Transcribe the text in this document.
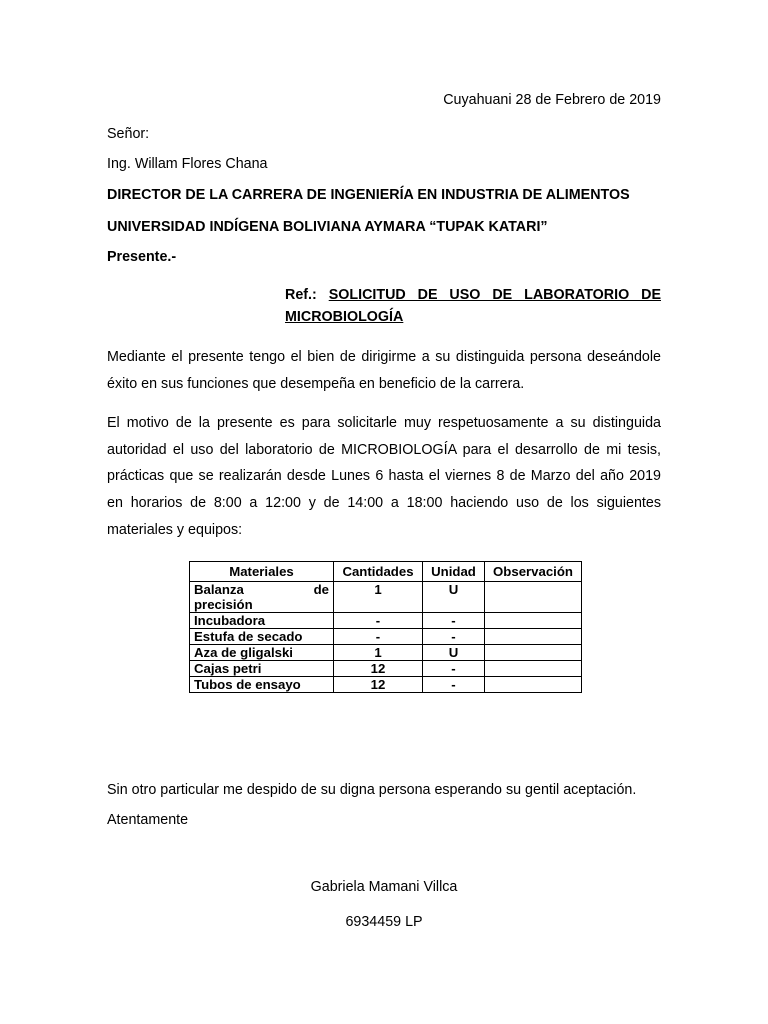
Cuyahuani 28 de Febrero de 2019
Señor:
Ing. Willam Flores Chana
DIRECTOR DE LA CARRERA DE INGENIERÍA EN INDUSTRIA DE ALIMENTOS
UNIVERSIDAD INDÍGENA BOLIVIANA AYMARA “TUPAK KATARI”
Presente.-
Ref.: SOLICITUD DE USO DE LABORATORIO DE
MICROBIOLOGÍA
Mediante el presente tengo el bien de dirigirme a su distinguida persona deseándole
éxito en sus funciones que desempeña en beneficio de la carrera.
El motivo de la presente es para solicitarle muy respetuosamente a su distinguida
autoridad el uso del laboratorio de MICROBIOLOGÍA para el desarrollo de mi tesis,
prácticas que se realizarán desde Lunes 6 hasta el viernes 8 de Marzo del año 2019
en horarios de 8:00 a 12:00 y de 14:00 a 18:00 haciendo uso de los siguientes
materiales y equipos:
Materiales	Cantidades	Unidad	Observación

Balanza de
precisión	1	U	
Incubadora	-	-	
Estufa de secado	-	-	
Aza de gligalski	1	U	
Cajas petri	12	-	
Tubos de ensayo	12	-	
Sin otro particular me despido de su digna persona esperando su gentil aceptación.
Atentamente
Gabriela Mamani Villca
6934459 LP
